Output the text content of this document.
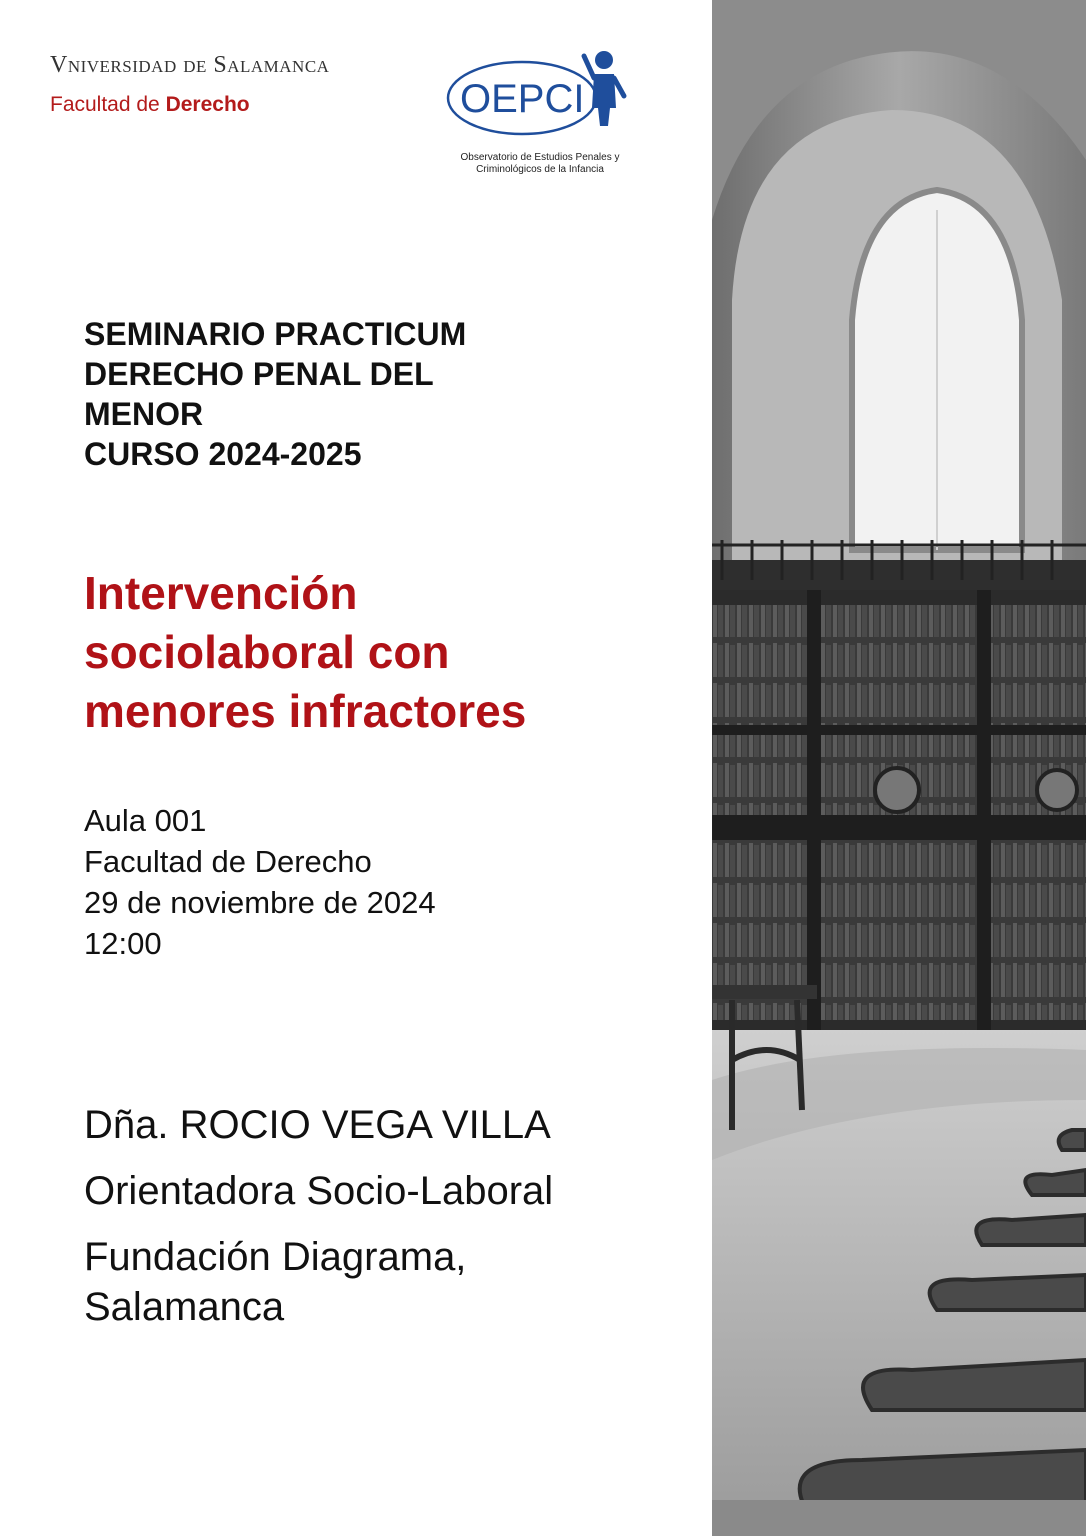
Vniversidad de Salamanca
Facultad de Derecho	OEPCI
Observatorio de Estudios Penales y
Criminológicos de la Infancia
SEMINARIO PRACTICUM
DERECHO PENAL DEL
MENOR
CURSO 2024-2025
Intervención
sociolaboral con
menores infractores
Aula 001
Facultad de Derecho
29 de noviembre de 2024
12:00
Dña. ROCIO VEGA VILLA
Orientadora Socio-Laboral
Fundación Diagrama,
Salamanca
